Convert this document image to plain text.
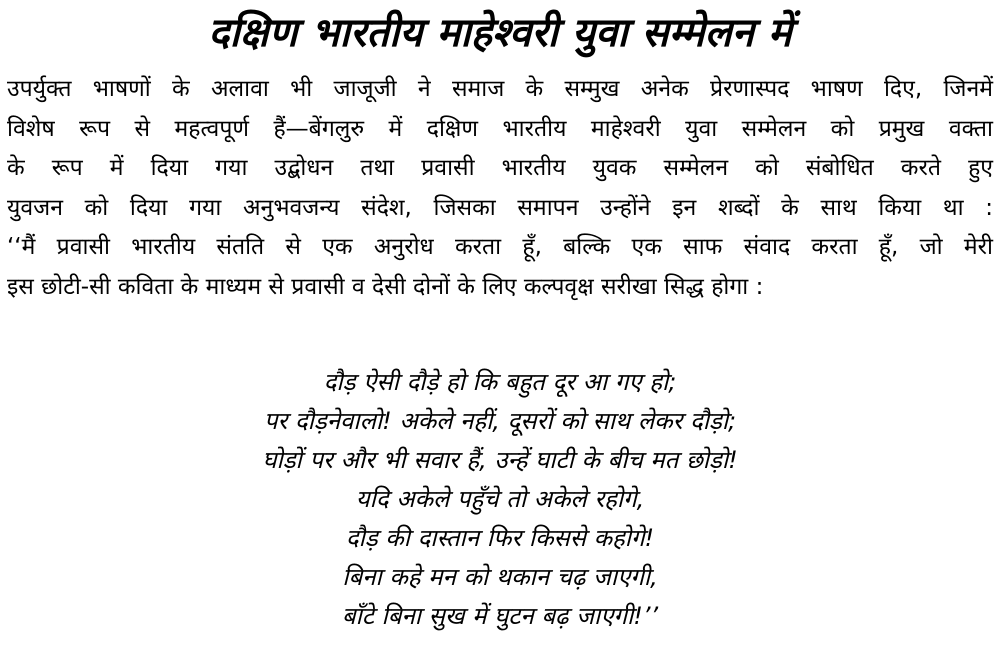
दक्षिण भारतीय माहेश्वरी युवा सम्मेलन में
उपर्युक्त भाषणों के अलावा भी जाजूजी ने समाज के सम्मुख अनेक प्रेरणास्पद भाषण दिए, जिनमें
विशेष रूप से महत्वपूर्ण हैं—बेंगलुरु में दक्षिण भारतीय माहेश्वरी युवा सम्मेलन को प्रमुख वक्ता
के रूप में दिया गया उद्बोधन तथा प्रवासी भारतीय युवक सम्मेलन को संबोधित करते हुए
युवजन को दिया गया अनुभवजन्य संदेश, जिसका समापन उन्होंने इन शब्दों के साथ किया था :
‘‘मैं प्रवासी भारतीय संतति से एक अनुरोध करता हूँ, बल्कि एक साफ संवाद करता हूँ, जो मेरी
इस छोटी-सी कविता के माध्यम से प्रवासी व देसी दोनों के लिए कल्पवृक्ष सरीखा सिद्ध होगा :
दौड़ ऐसी दौड़े हो कि बहुत दूर आ गए हो;
पर दौड़नेवालो! अकेले नहीं, दूसरों को साथ लेकर दौड़ो;
घोड़ों पर और भी सवार हैं, उन्हें घाटी के बीच मत छोड़ो!
यदि अकेले पहुँचे तो अकेले रहोगे,
दौड़ की दास्तान फिर किससे कहोगे!
बिना कहे मन को थकान चढ़ जाएगी,
बाँटे बिना सुख में घुटन बढ़ जाएगी!’’
